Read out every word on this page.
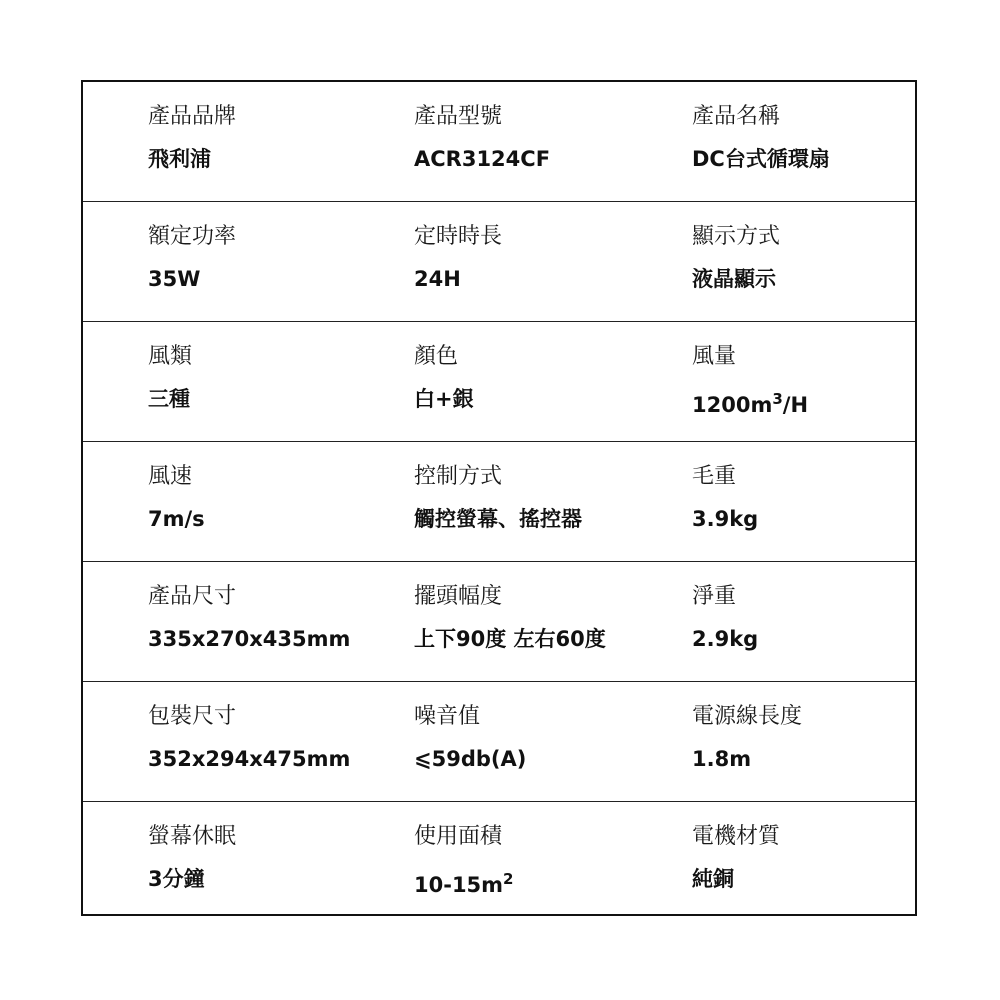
產品品牌
飛利浦
產品型號
ACR3124CF
產品名稱
DC台式循環扇
額定功率
35W
定時時長
24H
顯示方式
液晶顯示
風類
三種
顏色
白+銀
風量
$1200m^3/H$
風速
7m/s
控制方式
觸控螢幕、搖控器
毛重
3.9kg
產品尺寸
335x270x435mm
擺頭幅度
上下90度 左右60度
淨重
2.9kg
包裝尺寸
352x294x475mm
噪音值
⩽59db(A)
電源線長度
1.8m
螢幕休眠
3分鐘
使用面積
$10-15m^2$
電機材質
純銅
